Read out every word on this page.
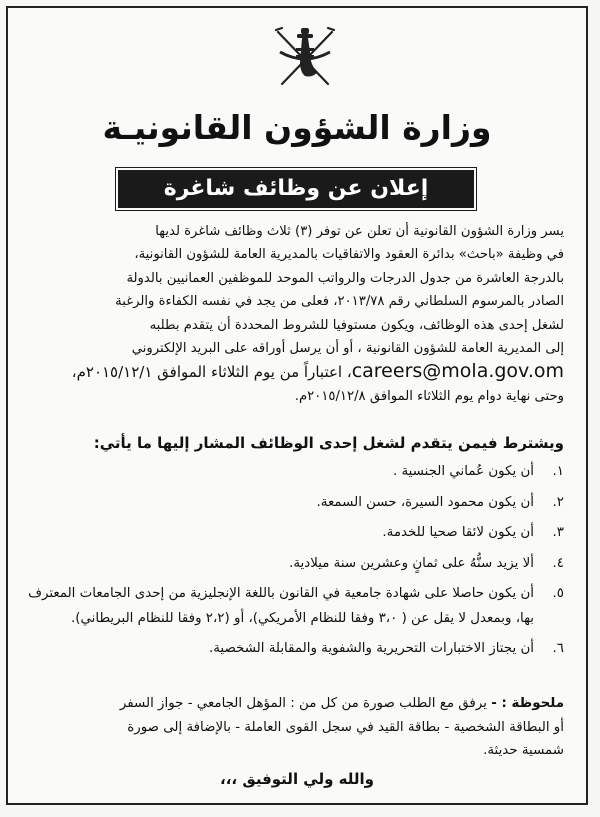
وزارة الشؤون القانونيـة
إعلان عن وظائف شاغرة
يسر وزارة الشؤون القانونية أن تعلن عن توفر (٣) ثلاث وظائف شاغرة لديها
في وظيفة «باحث» بدائرة العقود والاتفاقيات بالمديرية العامة للشؤون القانونية،
بالدرجة العاشرة من جدول الدرجات والرواتب الموحد للموظفين العمانيين بالدولة
الصادر بالمرسوم السلطاني رقم ٢٠١٣/٧٨، فعلى من يجد في نفسه الكفاءة والرغبة
لشغل إحدى هذه الوظائف، ويكون مستوفيا للشروط المحددة أن يتقدم بطلبه
إلى المديرية العامة للشؤون القانونية ، أو أن يرسل أوراقه على البريد الإلكتروني
careers@mola.gov.om، اعتباراً من يوم الثلاثاء الموافق ٢٠١٥/١٢/١م،
وحتى نهاية دوام يوم الثلاثاء الموافق ٢٠١٥/١٢/٨م.
ويشترط فيمن يتقدم لشغل إحدى الوظائف المشار إليها ما يأتي:
١.
أن يكون عُماني الجنسية .
٢.
أن يكون محمود السيرة، حسن السمعة.
٣.
أن يكون لائقا صحيا للخدمة.
٤.
ألا يزيد سنُّهُ على ثمانٍ وعشرين سنة ميلادية.
٥.
أن يكون حاصلا على شهادة جامعية في القانون باللغة الإنجليزية من إحدى الجامعات المعترف بها، وبمعدل لا يقل عن ( ٣،٠ وفقا للنظام الأمريكي)، أو (٢،٢ وفقا للنظام البريطاني).
٦.
أن يجتاز الاختبارات التحريرية والشفوية والمقابلة الشخصية.
ملحوظة : - يرفق مع الطلب صورة من كل من : المؤهل الجامعي - جواز السفر
أو البطاقة الشخصية - بطاقة القيد في سجل القوى العاملة - بالإضافة إلى صورة
شمسية حديثة.
والله ولي التوفيق ،،،
